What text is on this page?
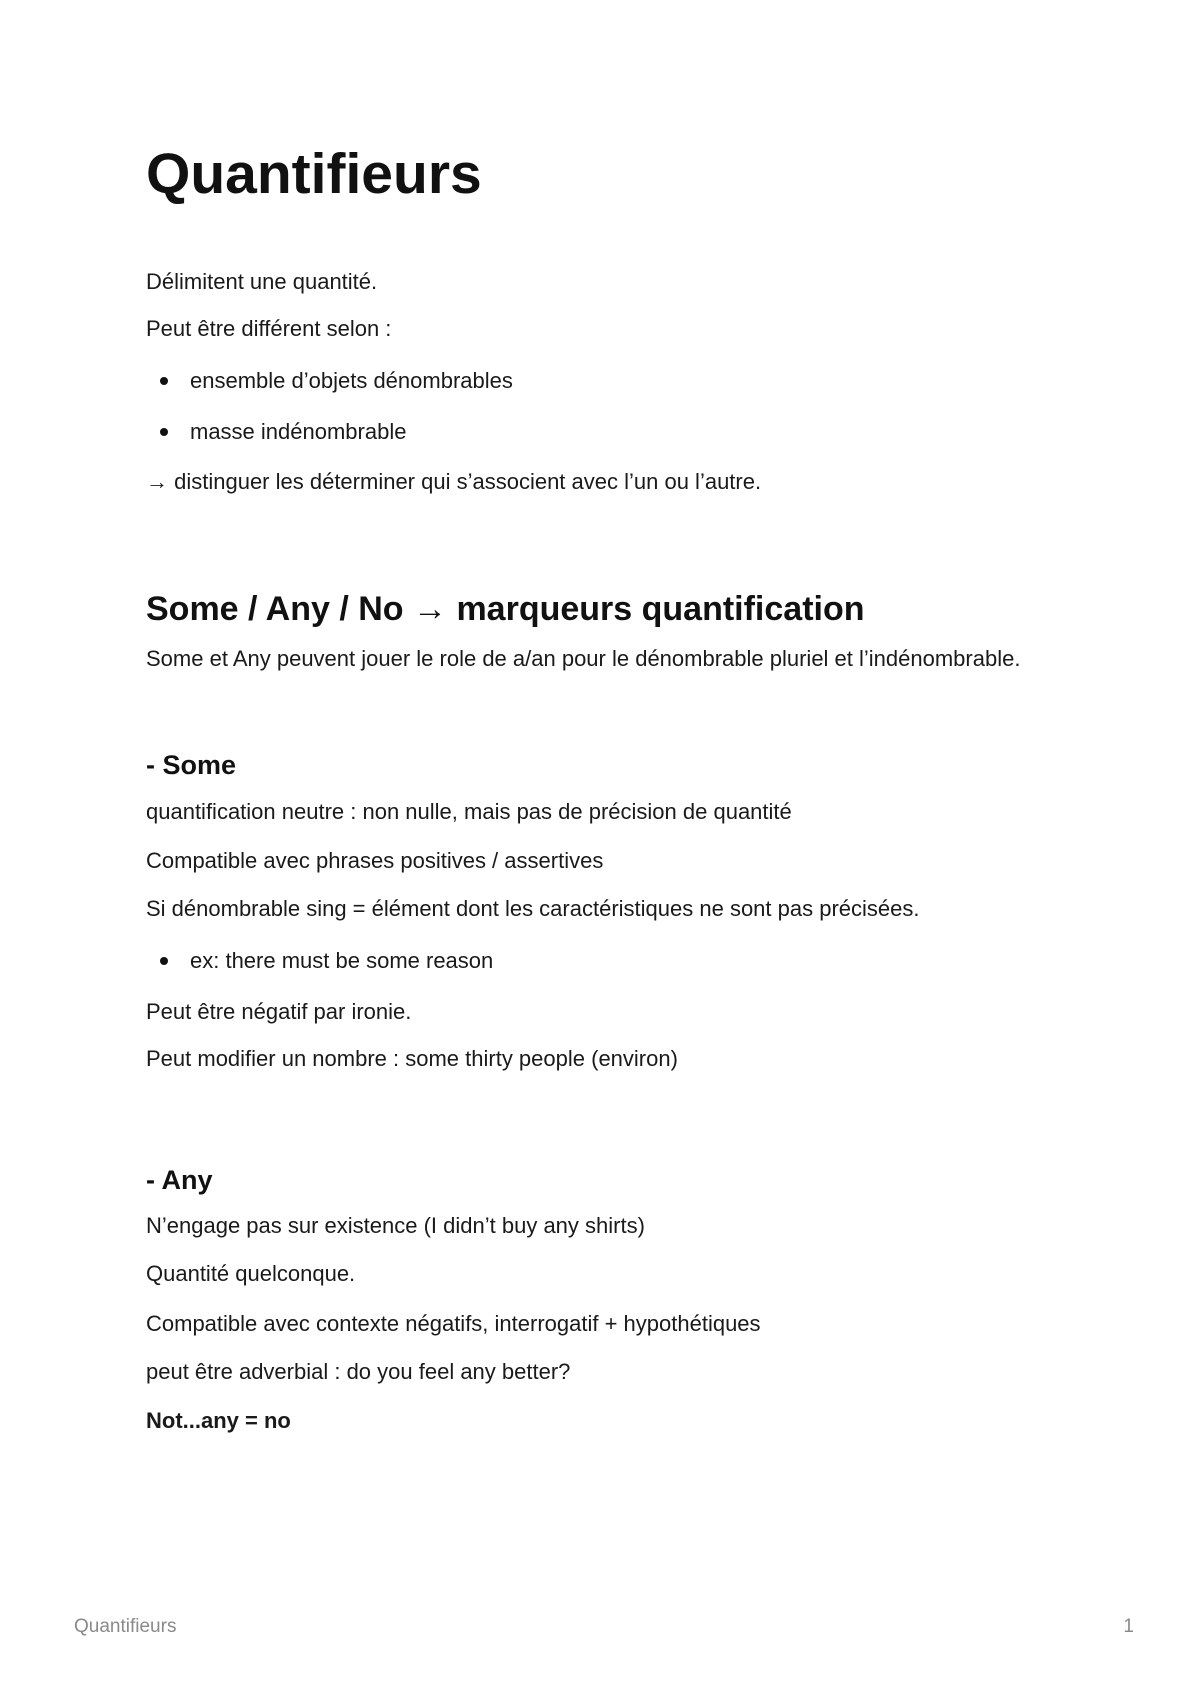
Quantifieurs

Délimitent une quantité.

Peut être différent selon :

ensemble d’objets dénombrables
masse indénombrable

→ distinguer les déterminer qui s’associent avec l’un ou l’autre.

Some / Any / No → marqueurs quantification

Some et Any peuvent jouer le role de a/an pour le dénombrable pluriel et l’indénombrable.

- Some

quantification neutre : non nulle, mais pas de précision de quantité

Compatible avec phrases positives / assertives

Si dénombrable sing = élément dont les caractéristiques ne sont pas précisées.

ex: there must be some reason

Peut être négatif par ironie.

Peut modifier un nombre : some thirty people (environ)

- Any

N’engage pas sur existence (I didn’t buy any shirts)

Quantité quelconque.

Compatible avec contexte négatifs, interrogatif + hypothétiques

peut être adverbial : do you feel any better?

Not...any = no

Quantifieurs	1
